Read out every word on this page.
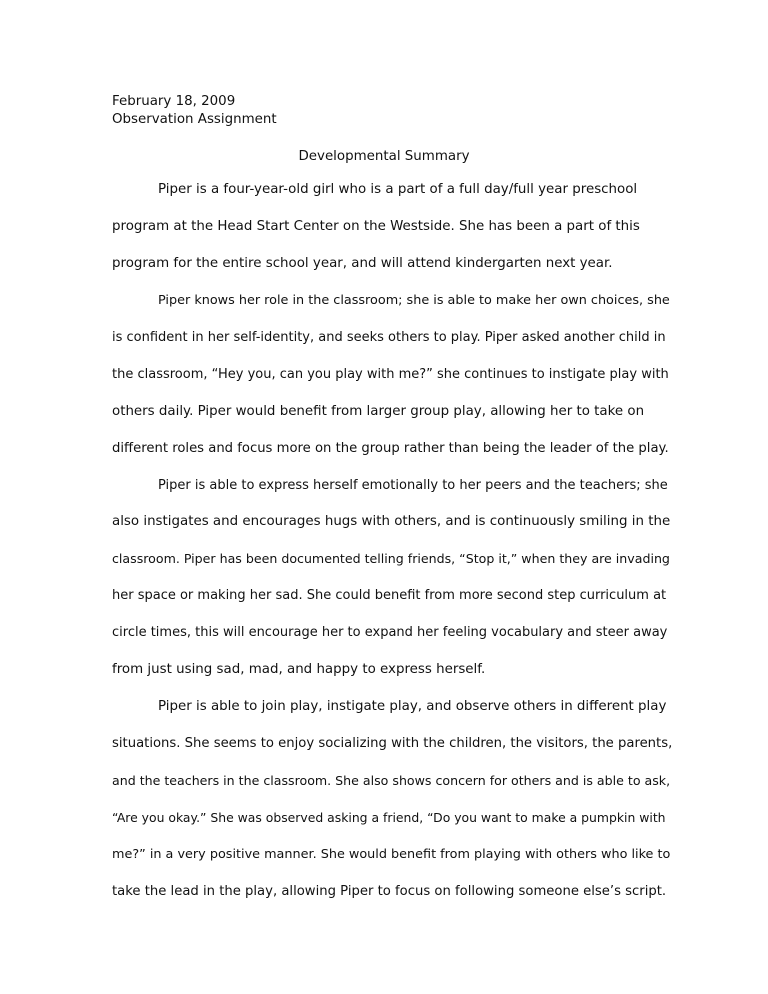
February 18, 2009
Observation Assignment
Developmental Summary
Piper is a four-year-old girl who is a part of a full day/full year preschool
program at the Head Start Center on the Westside. She has been a part of this
program for the entire school year, and will attend kindergarten next year.
Piper knows her role in the classroom; she is able to make her own choices, she
is confident in her self-identity, and seeks others to play. Piper asked another child in
the classroom, “Hey you, can you play with me?” she continues to instigate play with
others daily. Piper would benefit from larger group play, allowing her to take on
different roles and focus more on the group rather than being the leader of the play.
Piper is able to express herself emotionally to her peers and the teachers; she
also instigates and encourages hugs with others, and is continuously smiling in the
classroom. Piper has been documented telling friends, “Stop it,” when they are invading
her space or making her sad. She could benefit from more second step curriculum at
circle times, this will encourage her to expand her feeling vocabulary and steer away
from just using sad, mad, and happy to express herself.
Piper is able to join play, instigate play, and observe others in different play
situations. She seems to enjoy socializing with the children, the visitors, the parents,
and the teachers in the classroom. She also shows concern for others and is able to ask,
“Are you okay.” She was observed asking a friend, “Do you want to make a pumpkin with
me?” in a very positive manner. She would benefit from playing with others who like to
take the lead in the play, allowing Piper to focus on following someone else’s script.
